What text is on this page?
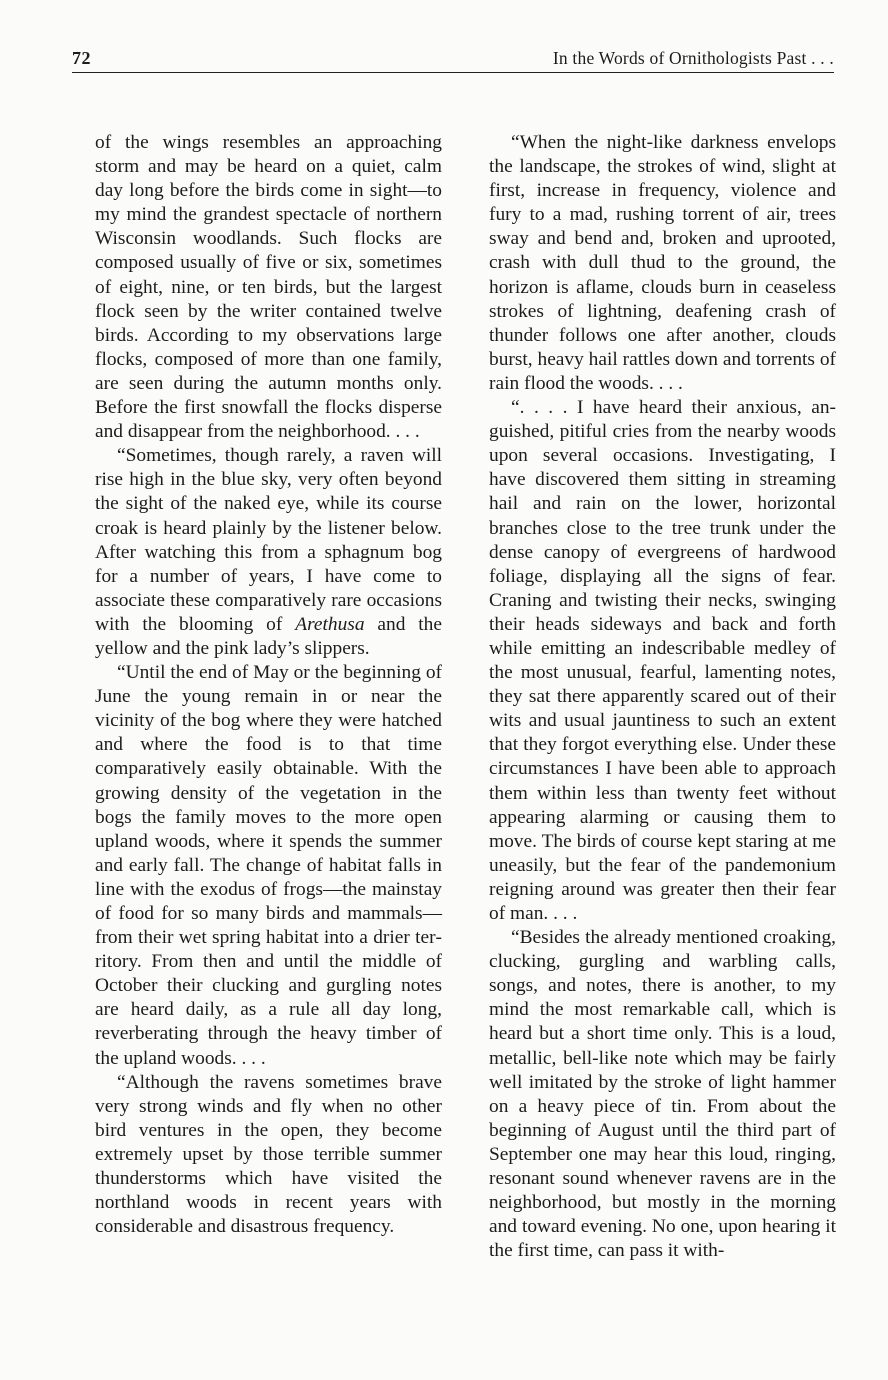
72	In the Words of Ornithologists Past . . .

of the wings resembles an approaching storm and may be heard on a quiet, calm day long before the birds come in sight—to my mind the grandest spectacle of northern Wisconsin woodlands. Such flocks are composed usually of five or six, sometimes of eight, nine, or ten birds, but the largest flock seen by the writer contained twelve birds. According to my observations large flocks, composed of more than one family, are seen during the autumn months only. Before the first snowfall the flocks disperse and disappear from the neighborhood. . . .

“Sometimes, though rarely, a raven will rise high in the blue sky, very often beyond the sight of the naked eye, while its course croak is heard plainly by the listener below. After watching this from a sphagnum bog for a number of years, I have come to associate these comparatively rare occasions with the blooming of Arethusa and the yellow and the pink lady’s slippers.

“Until the end of May or the beginning of June the young remain in or near the vicinity of the bog where they were hatched and where the food is to that time comparatively easily obtainable. With the growing density of the vegetation in the bogs the family moves to the more open upland woods, where it spends the summer and early fall. The change of habitat falls in line with the exodus of frogs—the mainstay of food for so many birds and mammals—from their wet spring habitat into a drier territory. From then and until the middle of October their clucking and gurgling notes are heard daily, as a rule all day long, reverberating through the heavy timber of the upland woods. . . .

“Although the ravens sometimes brave very strong winds and fly when no other bird ventures in the open, they become extremely upset by those terrible summer thunderstorms which have visited the northland woods in recent years with considerable and disastrous frequency.

“When the night-like darkness envelops the landscape, the strokes of wind, slight at first, increase in frequency, violence and fury to a mad, rushing torrent of air, trees sway and bend and, broken and uprooted, crash with dull thud to the ground, the horizon is aflame, clouds burn in ceaseless strokes of lightning, deafening crash of thunder follows one after another, clouds burst, heavy hail rattles down and torrents of rain flood the woods. . . .

“. . . . I have heard their anxious, anguished, pitiful cries from the nearby woods upon several occasions. Investigating, I have discovered them sitting in streaming hail and rain on the lower, horizontal branches close to the tree trunk under the dense canopy of evergreens of hardwood foliage, displaying all the signs of fear. Craning and twisting their necks, swinging their heads sideways and back and forth while emitting an indescribable medley of the most unusual, fearful, lamenting notes, they sat there apparently scared out of their wits and usual jauntiness to such an extent that they forgot everything else. Under these circumstances I have been able to approach them within less than twenty feet without appearing alarming or causing them to move. The birds of course kept staring at me uneasily, but the fear of the pandemonium reigning around was greater then their fear of man. . . .

“Besides the already mentioned croaking, clucking, gurgling and warbling calls, songs, and notes, there is another, to my mind the most remarkable call, which is heard but a short time only. This is a loud, metallic, bell-like note which may be fairly well imitated by the stroke of light hammer on a heavy piece of tin. From about the beginning of August until the third part of September one may hear this loud, ringing, resonant sound whenever ravens are in the neighborhood, but mostly in the morning and toward evening. No one, upon hearing it the first time, can pass it with-
